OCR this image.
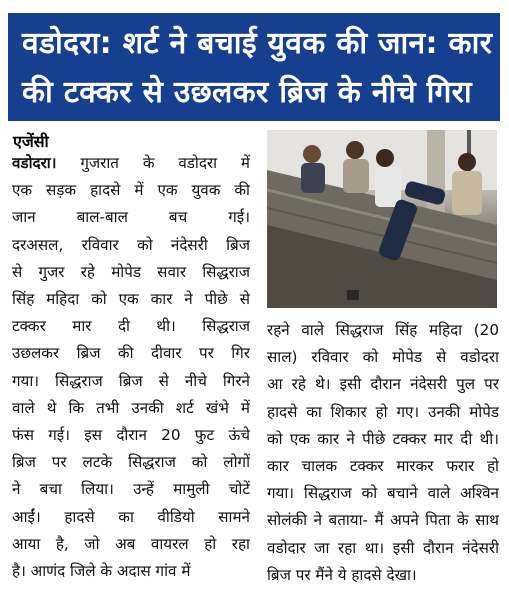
वडोदरा: शर्ट ने बचाई युवक की जान: कार
की टक्कर से उछलकर ब्रिज के नीचे गिरा
एजेंसी
वडोदरा। गुजरात के वडोदरा में
एक सड़क हादसे में एक युवक की
जान बाल-बाल बच गई।
दरअसल, रविवार को नंदेसरी ब्रिज
से गुजर रहे मोपेड सवार सिद्धराज
सिंह महिदा को एक कार ने पीछे से
टक्कर मार दी थी। सिद्धराज
उछलकर ब्रिज की दीवार पर गिर
गया। सिद्धराज ब्रिज से नीचे गिरने
वाले थे कि तभी उनकी शर्ट खंभे में
फंस गई। इस दौरान 20 फुट ऊंचे
ब्रिज पर लटके सिद्धराज को लोगों
ने बचा लिया। उन्हें मामुली चोटें
आईं। हादसे का वीडियो सामने
आया है, जो अब वायरल हो रहा
है। आणंद जिले के अदास गांव में
रहने वाले सिद्धराज सिंह महिदा (20
साल) रविवार को मोपेड से वडोदरा
आ रहे थे। इसी दौरान नंदेसरी पुल पर
हादसे का शिकार हो गए। उनकी मोपेड
को एक कार ने पीछे टक्कर मार दी थी।
कार चालक टक्कर मारकर फरार हो
गया। सिद्धराज को बचाने वाले अश्विन
सोलंकी ने बताया- मैं अपने पिता के साथ
वडोदार जा रहा था। इसी दौरान नंदेसरी
ब्रिज पर मैंने ये हादसे देखा।
